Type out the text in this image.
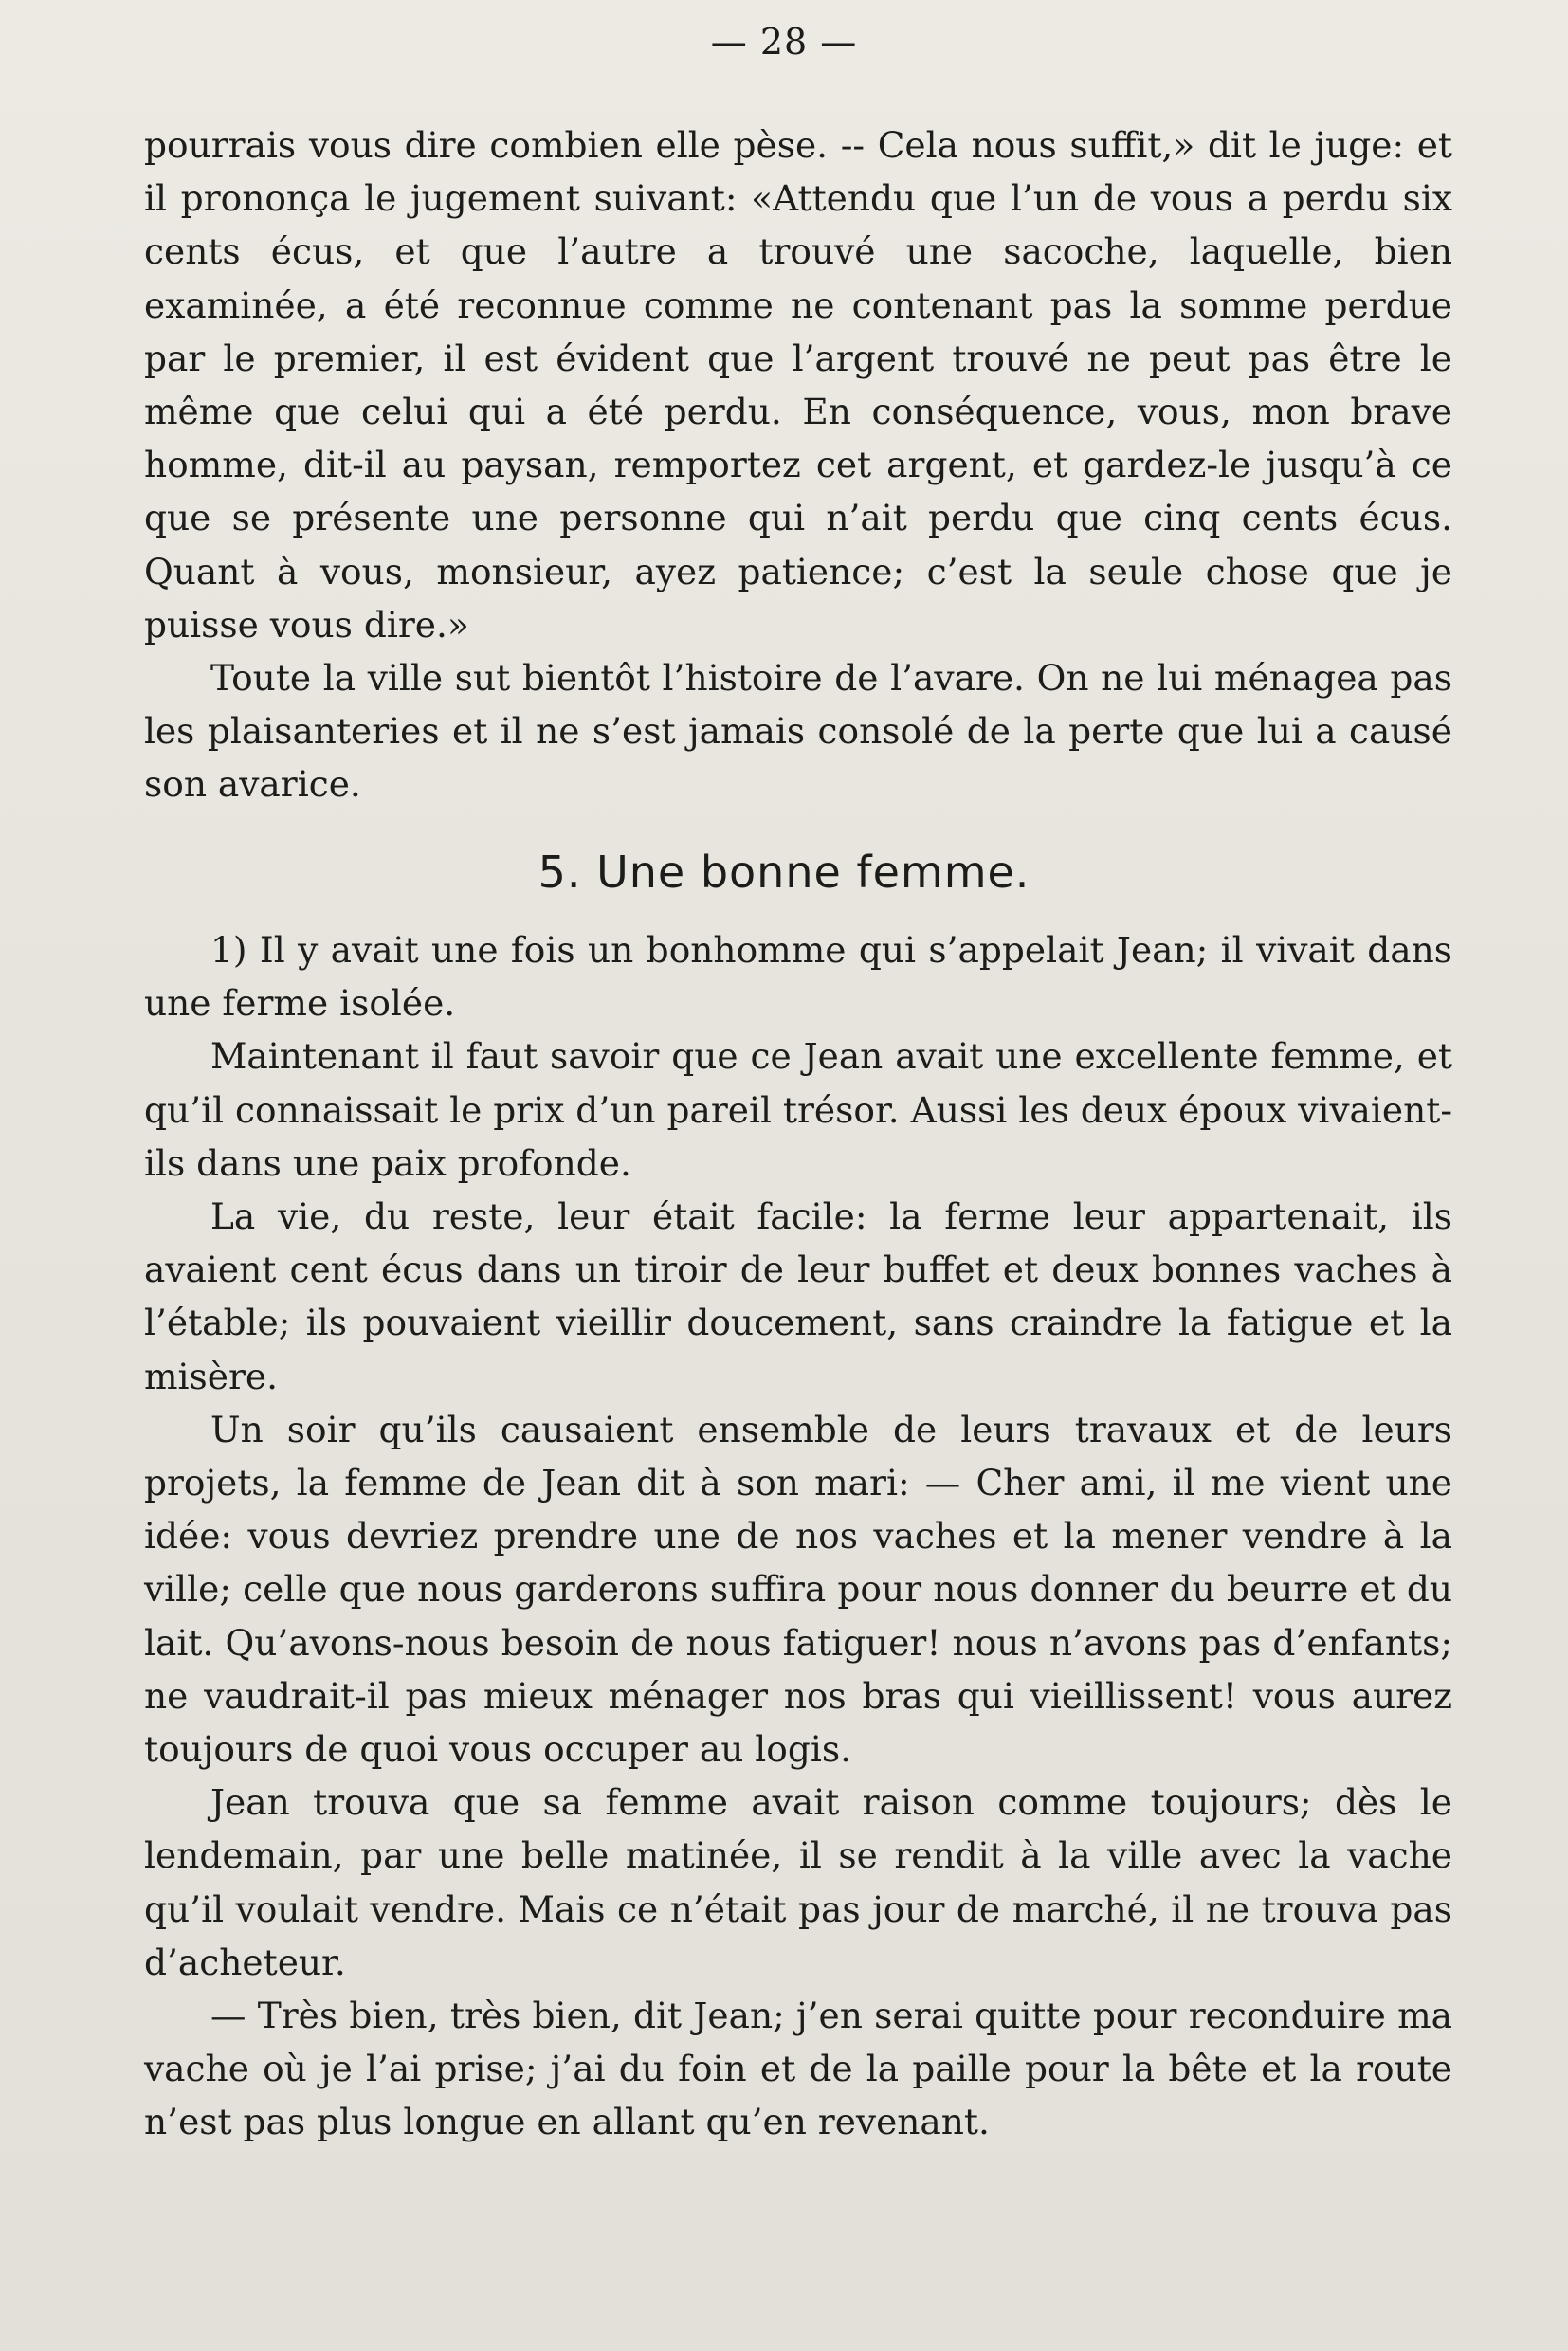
— 28 —

pourrais vous dire combien elle pèse. -- Cela nous suffit,» dit le juge: et il prononça le jugement suivant: «Attendu que l’un de vous a perdu six cents écus, et que l’autre a trouvé une sacoche, laquelle, bien examinée, a été reconnue comme ne contenant pas la somme perdue par le premier, il est évident que l’argent trouvé ne peut pas être le même que celui qui a été perdu. En conséquence, vous, mon brave homme, dit-il au paysan, remportez cet argent, et gardez-le jusqu’à ce que se présente une personne qui n’ait perdu que cinq cents écus. Quant à vous, monsieur, ayez patience; c’est la seule chose que je puisse vous dire.»

Toute la ville sut bientôt l’histoire de l’avare. On ne lui ménagea pas les plaisanteries et il ne s’est jamais consolé de la perte que lui a causé son avarice.

5. Une bonne femme.

1) Il y avait une fois un bonhomme qui s’appelait Jean; il vivait dans une ferme isolée.

Maintenant il faut savoir que ce Jean avait une excellente femme, et qu’il connaissait le prix d’un pareil trésor. Aussi les deux époux vivaient-ils dans une paix profonde.

La vie, du reste, leur était facile: la ferme leur appartenait, ils avaient cent écus dans un tiroir de leur buffet et deux bonnes vaches à l’étable; ils pouvaient vieillir doucement, sans craindre la fatigue et la misère.

Un soir qu’ils causaient ensemble de leurs travaux et de leurs projets, la femme de Jean dit à son mari: — Cher ami, il me vient une idée: vous devriez prendre une de nos vaches et la mener vendre à la ville; celle que nous garderons suffira pour nous donner du beurre et du lait. Qu’avons-nous besoin de nous fatiguer! nous n’avons pas d’enfants; ne vaudrait-il pas mieux ménager nos bras qui vieillissent! vous aurez toujours de quoi vous occuper au logis.

Jean trouva que sa femme avait raison comme toujours; dès le lendemain, par une belle matinée, il se rendit à la ville avec la vache qu’il voulait vendre. Mais ce n’était pas jour de marché, il ne trouva pas d’acheteur.

— Très bien, très bien, dit Jean; j’en serai quitte pour reconduire ma vache où je l’ai prise; j’ai du foin et de la paille pour la bête et la route n’est pas plus longue en allant qu’en revenant.
